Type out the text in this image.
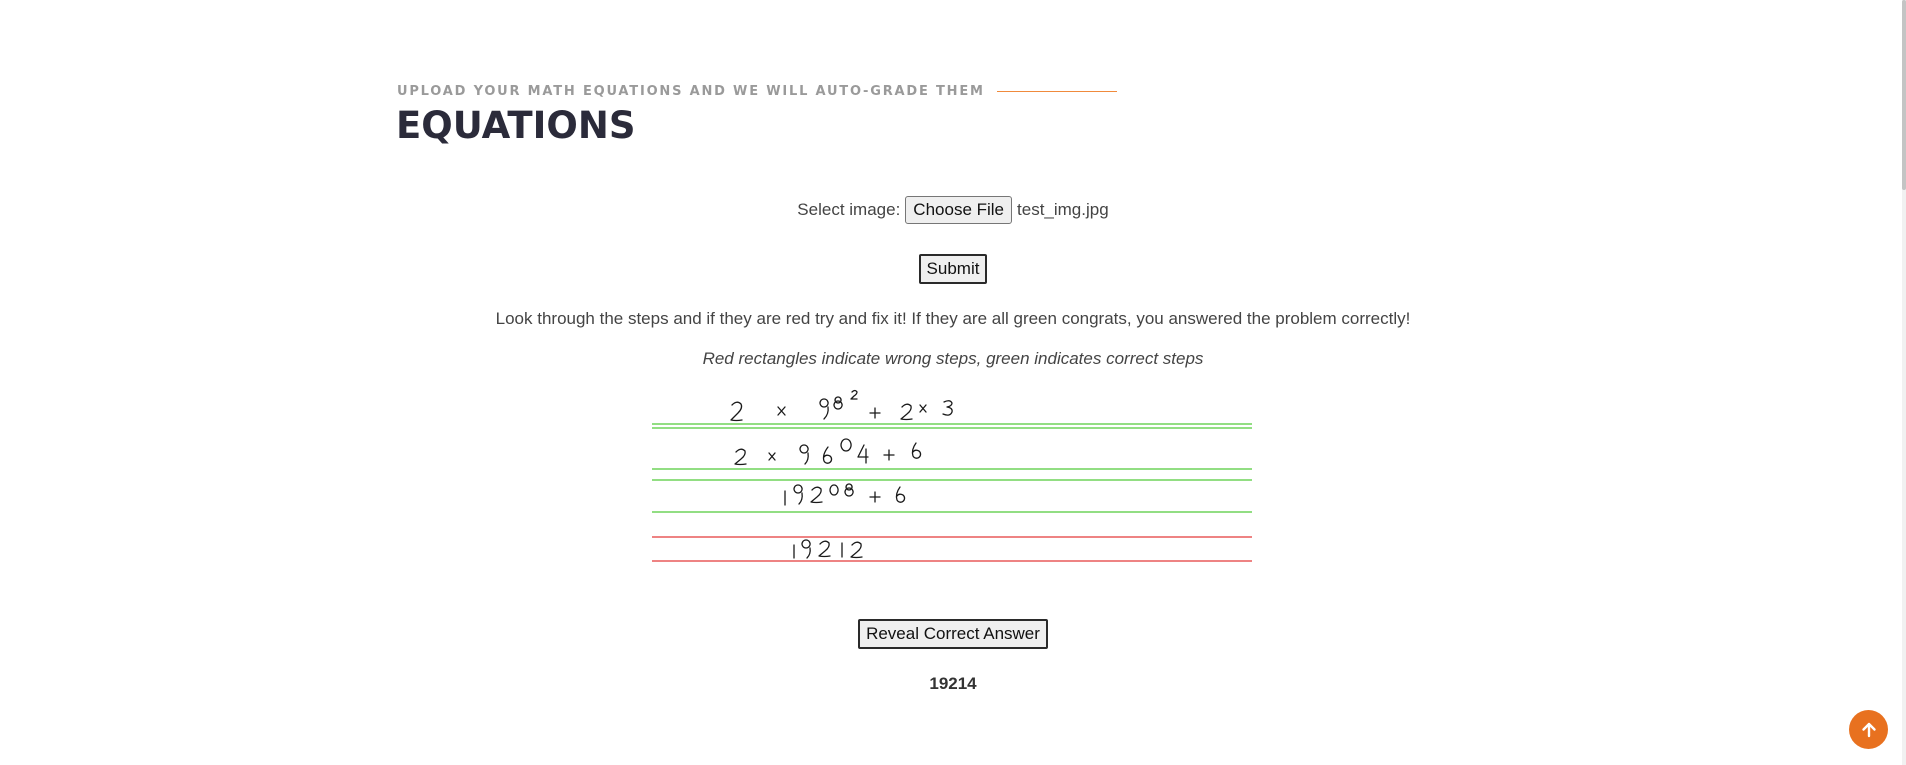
UPLOAD YOUR MATH EQUATIONS AND WE WILL AUTO-GRADE THEM
EQUATIONS
Select image: Choose File test_img.jpg
Submit
Look through the steps and if they are red try and fix it! If they are all green congrats, you answered the problem correctly!
Red rectangles indicate wrong steps, green indicates correct steps
Reveal Correct Answer
19214
